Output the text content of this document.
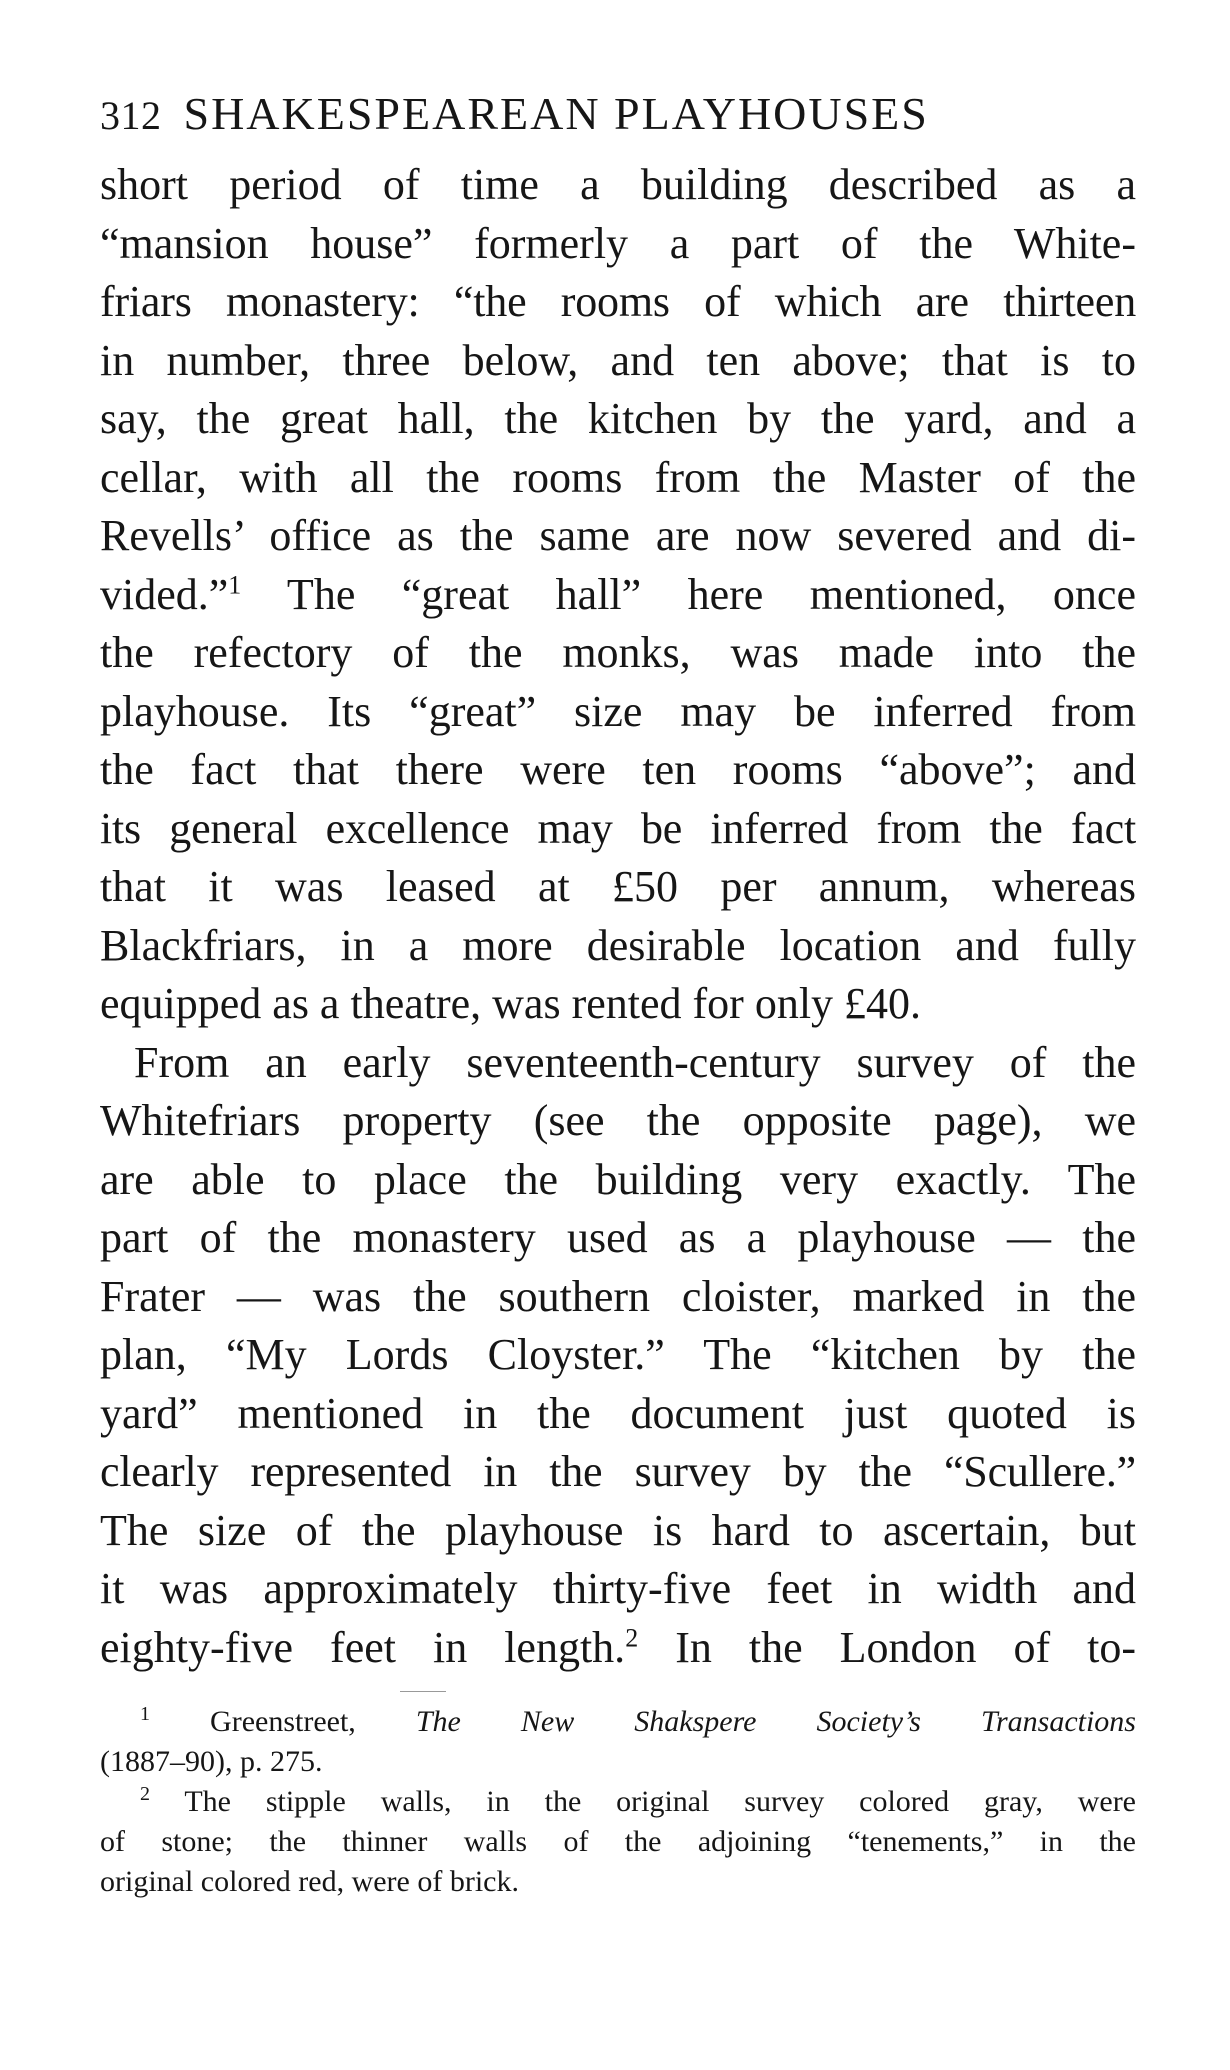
312 SHAKESPEAREAN PLAYHOUSES

short period of time a building described as a

“mansion house” formerly a part of the White-

friars monastery: “the rooms of which are thirteen

in number, three below, and ten above; that is to

say, the great hall, the kitchen by the yard, and a

cellar, with all the rooms from the Master of the

Revells’ office as the same are now severed and di-

vided.”$^1$ The “great hall” here mentioned, once

the refectory of the monks, was made into the

playhouse. Its “great” size may be inferred from

the fact that there were ten rooms “above”; and

its general excellence may be inferred from the fact

that it was leased at £50 per annum, whereas

Blackfriars, in a more desirable location and fully

equipped as a theatre, was rented for only £40.

From an early seventeenth-century survey of the

Whitefriars property (see the opposite page), we

are able to place the building very exactly. The

part of the monastery used as a playhouse — the

Frater — was the southern cloister, marked in the

plan, “My Lords Cloyster.” The “kitchen by the

yard” mentioned in the document just quoted is

clearly represented in the survey by the “Scullere.”

The size of the playhouse is hard to ascertain, but

it was approximately thirty-five feet in width and

eighty-five feet in length.$^2$ In the London of to-

$^1$ Greenstreet, The New Shakspere Society’s Transactions

(1887–90), p. 275.

$^2$ The stipple walls, in the original survey colored gray, were

of stone; the thinner walls of the adjoining “tenements,” in the

original colored red, were of brick.
